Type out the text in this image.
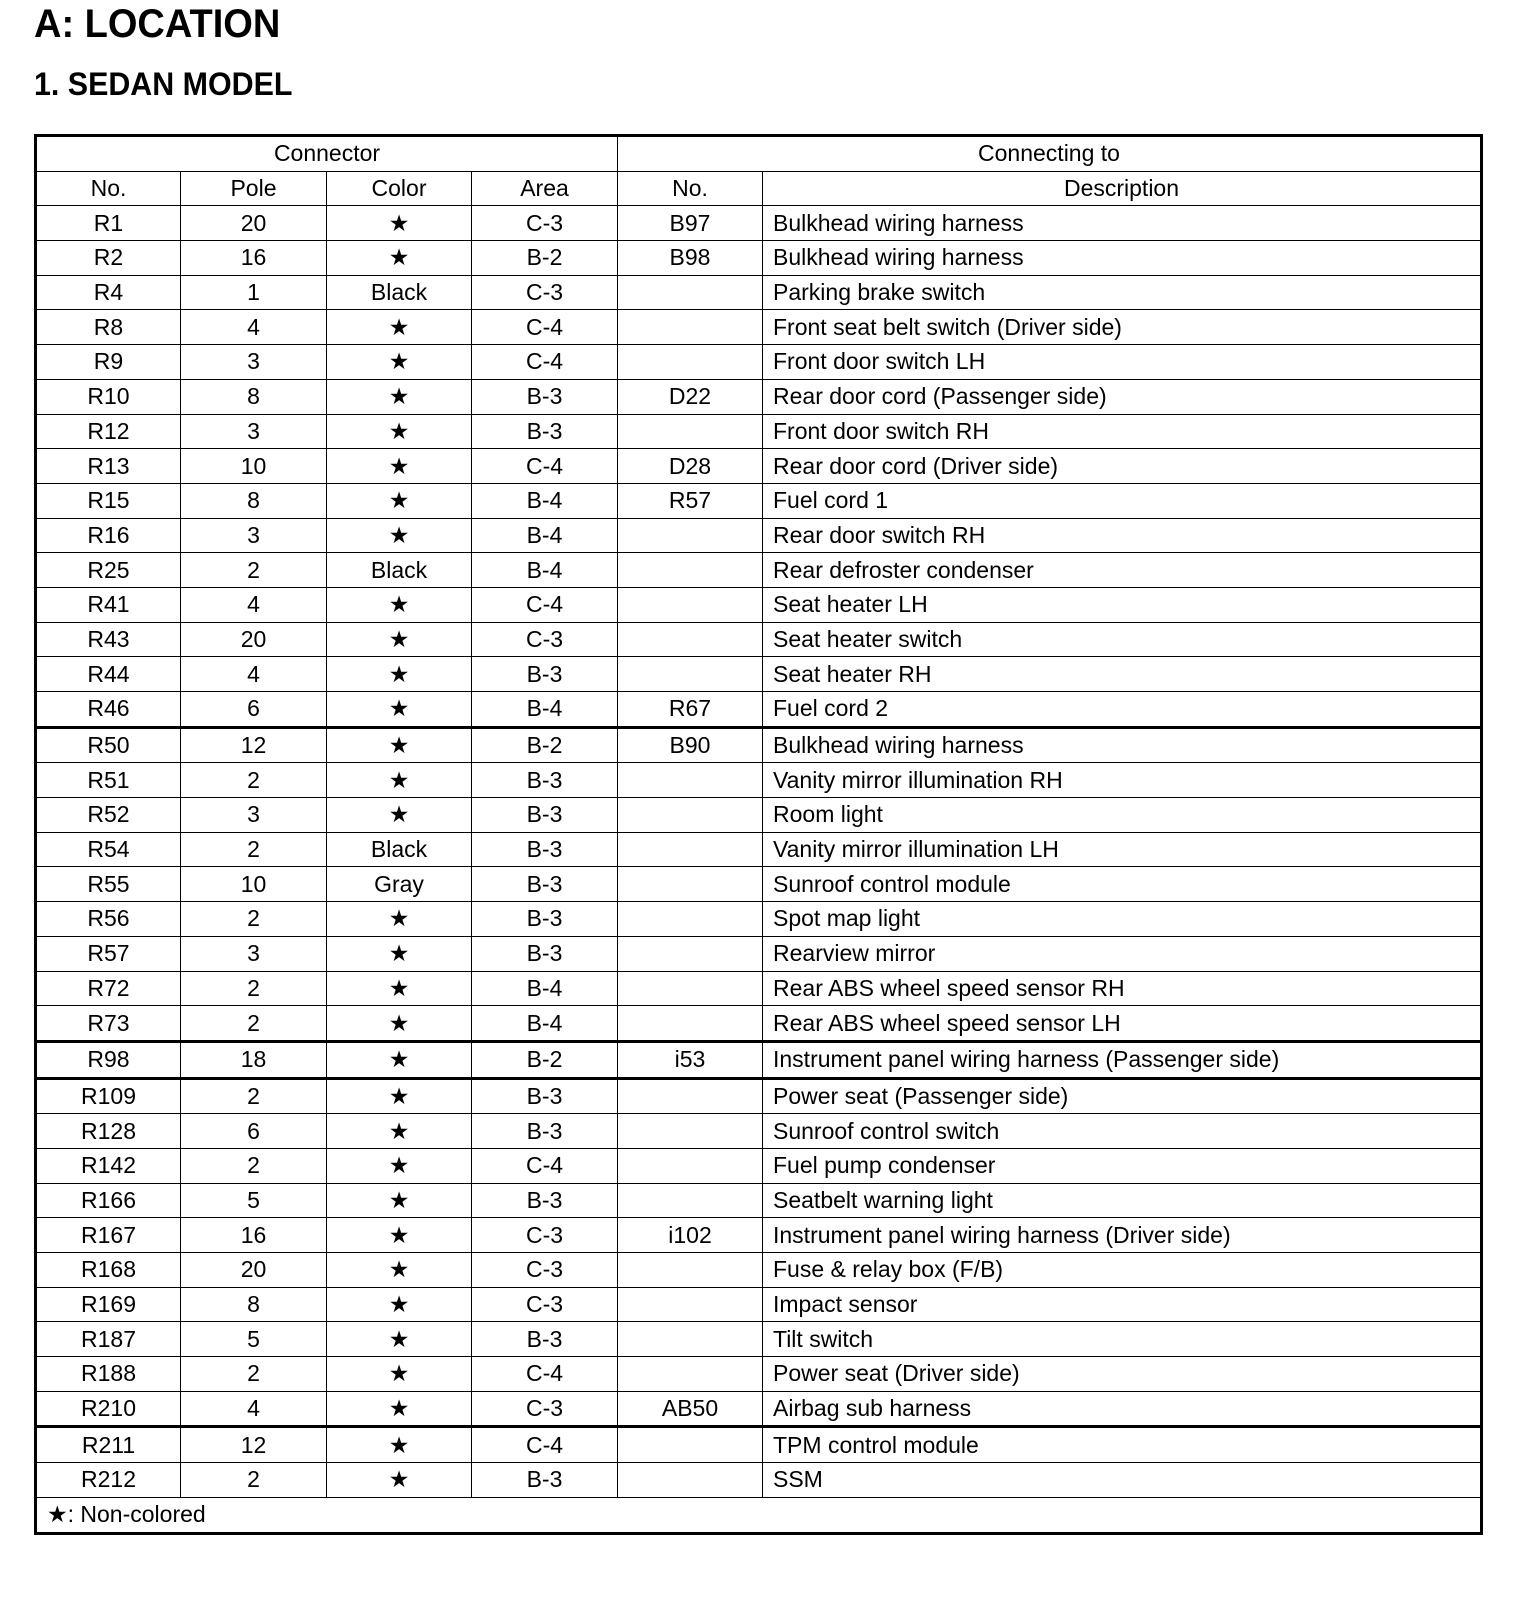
A: LOCATION
1. SEDAN MODEL
Connector				Connecting to	
No.	Pole	Color	Area	No.	Description
R1	20	★	C-3	B97	Bulkhead wiring harness
R2	16	★	B-2	B98	Bulkhead wiring harness
R4	1	Black	C-3		Parking brake switch
R8	4	★	C-4		Front seat belt switch (Driver side)
R9	3	★	C-4		Front door switch LH
R10	8	★	B-3	D22	Rear door cord (Passenger side)
R12	3	★	B-3		Front door switch RH
R13	10	★	C-4	D28	Rear door cord (Driver side)
R15	8	★	B-4	R57	Fuel cord 1
R16	3	★	B-4		Rear door switch RH
R25	2	Black	B-4		Rear defroster condenser
R41	4	★	C-4		Seat heater LH
R43	20	★	C-3		Seat heater switch
R44	4	★	B-3		Seat heater RH
R46	6	★	B-4	R67	Fuel cord 2
R50	12	★	B-2	B90	Bulkhead wiring harness
R51	2	★	B-3		Vanity mirror illumination RH
R52	3	★	B-3		Room light
R54	2	Black	B-3		Vanity mirror illumination LH
R55	10	Gray	B-3		Sunroof control module
R56	2	★	B-3		Spot map light
R57	3	★	B-3		Rearview mirror
R72	2	★	B-4		Rear ABS wheel speed sensor RH
R73	2	★	B-4		Rear ABS wheel speed sensor LH
R98	18	★	B-2	i53	Instrument panel wiring harness (Passenger side)
R109	2	★	B-3		Power seat (Passenger side)
R128	6	★	B-3		Sunroof control switch
R142	2	★	C-4		Fuel pump condenser
R166	5	★	B-3		Seatbelt warning light
R167	16	★	C-3	i102	Instrument panel wiring harness (Driver side)
R168	20	★	C-3		Fuse & relay box (F/B)
R169	8	★	C-3		Impact sensor
R187	5	★	B-3		Tilt switch
R188	2	★	C-4		Power seat (Driver side)
R210	4	★	C-3	AB50	Airbag sub harness
R211	12	★	C-4		TPM control module
R212	2	★	B-3		SSM
★: Non-colored					
